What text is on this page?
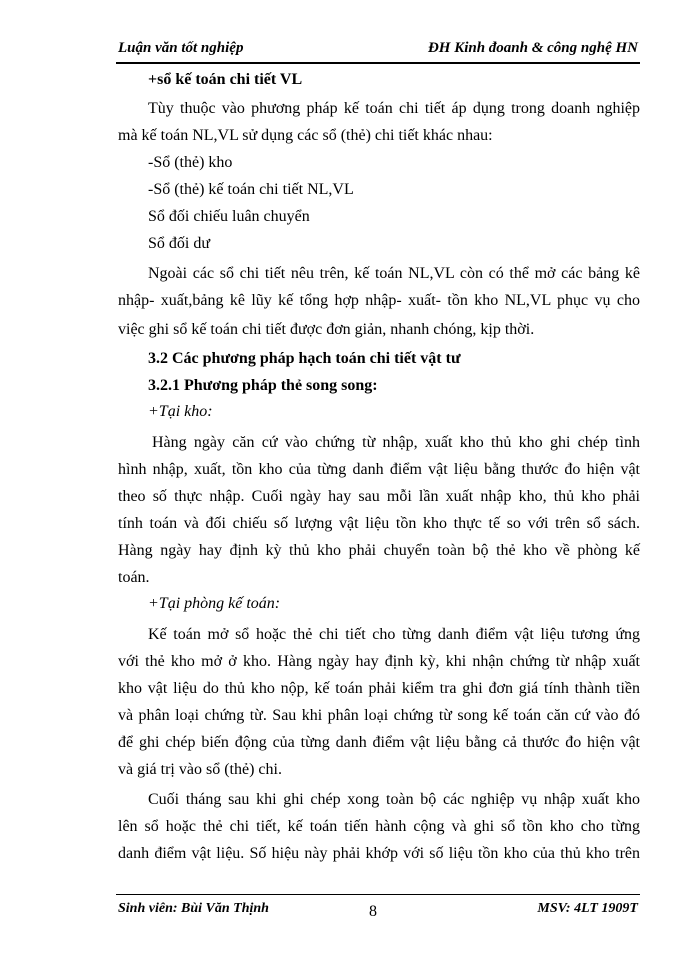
Luận văn tốt nghiệp	ĐH Kinh đoanh & công nghệ HN
+sổ kế toán chi tiết VL
Tùy thuộc vào phương pháp kế toán chi tiết áp dụng trong doanh nghiệp
mà kế toán NL,VL sử dụng các sổ (thẻ) chi tiết khác nhau:
-Sổ (thẻ) kho
-Sổ (thẻ) kế toán chi tiết NL,VL
Sổ đối chiếu luân chuyển
Sổ đối dư
Ngoài các sổ chi tiết nêu trên, kế toán NL,VL còn có thể mở các bảng kê
nhập- xuất,bảng kê lũy kế tổng hợp nhập- xuất- tồn kho NL,VL phục vụ cho
việc ghi sổ kế toán chi tiết được đơn giản, nhanh chóng, kịp thời.
3.2 Các phương pháp hạch toán chi tiết vật tư
3.2.1 Phương pháp thẻ song song:
+Tại kho:
Hàng ngày căn cứ vào chứng từ nhập, xuất kho thủ kho ghi chép tình
hình nhập, xuất, tồn kho của từng danh điểm vật liệu bằng thước đo hiện vật
theo số thực nhập. Cuối ngày hay sau mỗi lần xuất nhập kho, thủ kho phải
tính toán và đối chiếu số lượng vật liệu tồn kho thực tế so với trên sổ sách.
Hàng ngày hay định kỳ thủ kho phải chuyển toàn bộ thẻ kho về phòng kế
toán.
+Tại phòng kế toán:
Kế toán mở sổ hoặc thẻ chi tiết cho từng danh điểm vật liệu tương ứng
với thẻ kho mở ở kho. Hàng ngày hay định kỳ, khi nhận chứng từ nhập xuất
kho vật liệu do thủ kho nộp, kế toán phải kiểm tra ghi đơn giá tính thành tiền
và phân loại chứng từ. Sau khi phân loại chứng từ song kế toán căn cứ vào đó
để ghi chép biến động của từng danh điểm vật liệu bằng cả thước đo hiện vật
và giá trị vào sổ (thẻ) chi.
Cuối tháng sau khi ghi chép xong toàn bộ các nghiệp vụ nhập xuất kho
lên sổ hoặc thẻ chi tiết, kế toán tiến hành cộng và ghi sổ tồn kho cho từng
danh điểm vật liệu. Số hiệu này phải khớp với số liệu tồn kho của thủ kho trên
Sinh viên: Bùi Văn Thịnh	8	MSV: 4LT 1909T
